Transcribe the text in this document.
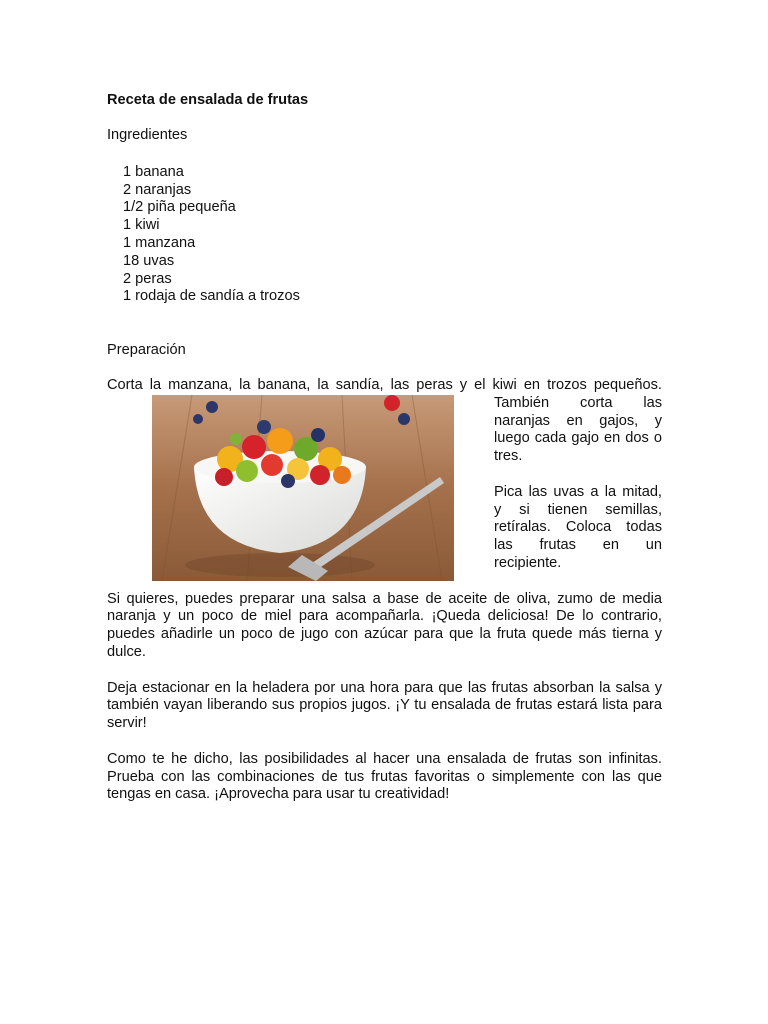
Receta de ensalada de frutas

Ingredientes

1 banana
2 naranjas
1/2 piña pequeña
1 kiwi
1 manzana
18 uvas
2 peras
1 rodaja de sandía a trozos

Preparación

Corta la manzana, la banana, la sandía, las peras y el kiwi en trozos pequeños.

También corta las naranjas en gajos, y luego cada gajo en dos o tres.

Pica las uvas a la mitad, y si tienen semillas, retíralas. Coloca todas las frutas en un recipiente.

Si quieres, puedes preparar una salsa a base de aceite de oliva, zumo de media naranja y un poco de miel para acompañarla. ¡Queda deliciosa! De lo contrario, puedes añadirle un poco de jugo con azúcar para que la fruta quede más tierna y dulce.

Deja estacionar en la heladera por una hora para que las frutas absorban la salsa y también vayan liberando sus propios jugos. ¡Y tu ensalada de frutas estará lista para servir!

Como te he dicho, las posibilidades al hacer una ensalada de frutas son infinitas. Prueba con las combinaciones de tus frutas favoritas o simplemente con las que tengas en casa. ¡Aprovecha para usar tu creatividad!
